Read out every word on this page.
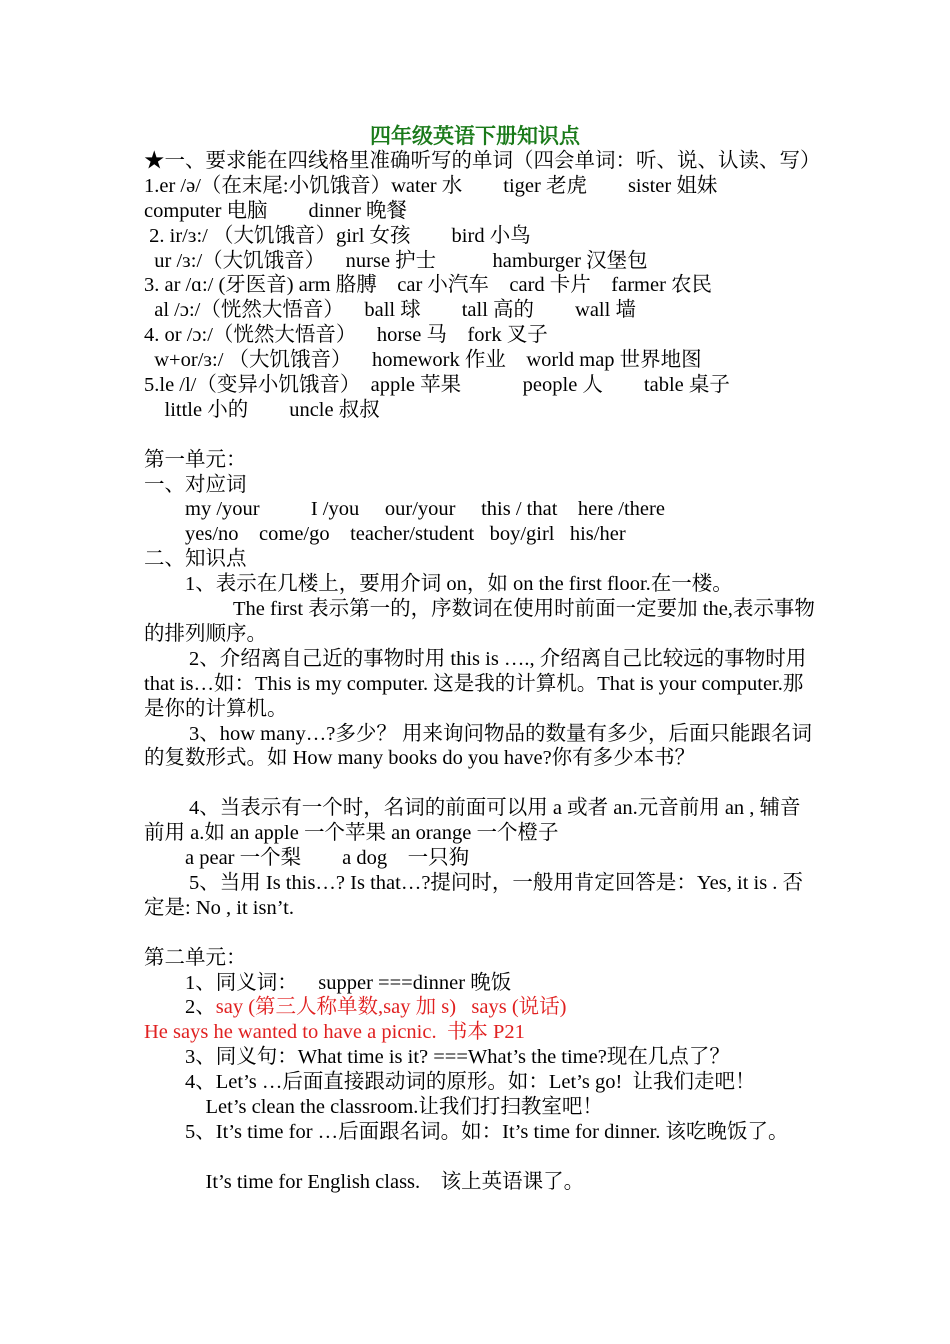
四年级英语下册知识点
★一、要求能在四线格里准确听写的单词（四会单词：听、说、认读、写）
1.er /ə/（在末尾:小饥饿音）water 水        tiger 老虎        sister 姐妹
computer 电脑        dinner 晚餐
2. ir/ɜ:/ （大饥饿音）girl 女孩        bird 小鸟
ur /ɜ:/（大饥饿音）    nurse 护士           hamburger 汉堡包
3. ar /ɑ:/ (牙医音) arm 胳膊    car 小汽车    card 卡片    farmer 农民
al /ɔ:/（恍然大悟音）    ball 球        tall 高的        wall 墙
4. or /ɔ:/（恍然大悟音）    horse 马    fork 叉子
w+or/ɜ:/ （大饥饿音）    homework 作业    world map 世界地图
5.le /l/（变异小饥饿音）  apple 苹果            people 人        table 桌子
little 小的        uncle 叔叔
第一单元：
一、对应词
my /your          I /you     our/your     this / that    here /there
yes/no    come/go    teacher/student   boy/girl   his/her
二、知识点
1、表示在几楼上，要用介词 on，如 on the first floor.在一楼。
The first 表示第一的，序数词在使用时前面一定要加 the,表示事物的排列顺序。
2、介绍离自己近的事物时用 this is …., 介绍离自己比较远的事物时用 that is…如：This is my computer. 这是我的计算机。That is your computer.那是你的计算机。
3、how many…?多少？ 用来询问物品的数量有多少，后面只能跟名词的复数形式。如 How many books do you have?你有多少本书？
4、当表示有一个时，名词的前面可以用 a 或者 an.元音前用 an , 辅音前用 a.如 an apple 一个苹果 an orange 一个橙子
a pear 一个梨        a dog    一只狗
5、当用 Is this…? Is that…?提问时，一般用肯定回答是：Yes, it is . 否定是: No , it isn’t.
第二单元：
1、同义词：    supper ===dinner 晚饭
2、say (第三人称单数,say 加 s)   says (说话)
He says he wanted to have a picnic.  书本 P21
3、同义句：What time is it? ===What’s the time?现在几点了？
4、Let’s …后面直接跟动词的原形。如：Let’s go!  让我们走吧！
Let’s clean the classroom.让我们打扫教室吧！
5、It’s time for …后面跟名词。如：It’s time for dinner. 该吃晚饭了。
It’s time for English class.    该上英语课了。
